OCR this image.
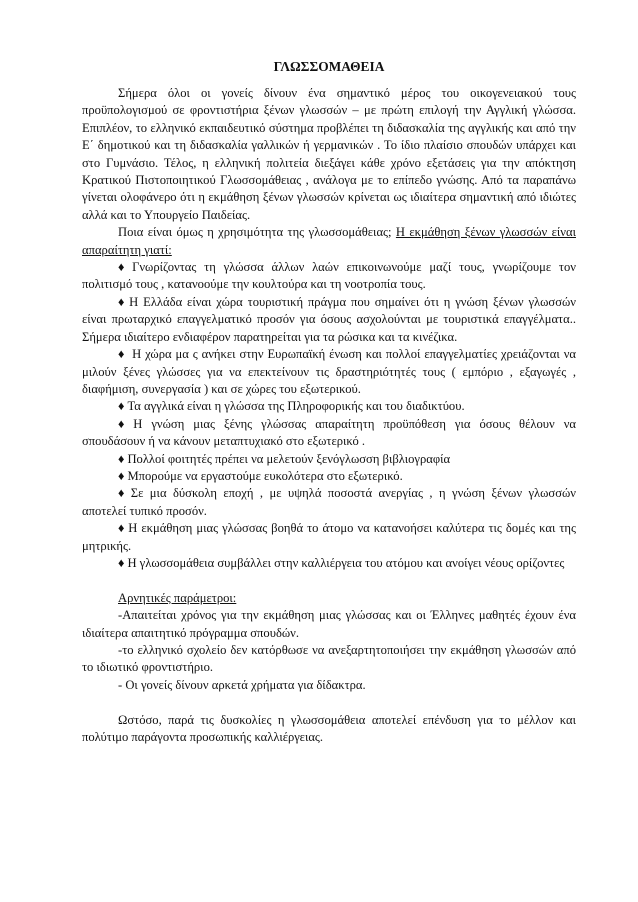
ΓΛΩΣΣΟΜΑΘΕΙΑ

Σήμερα όλοι οι γονείς δίνουν ένα σημαντικό μέρος του οικογενειακού τους προϋπολογισμού σε φροντιστήρια ξένων γλωσσών – με πρώτη επιλογή την Αγγλική γλώσσα. Επιπλέον, το ελληνικό εκπαιδευτικό σύστημα προβλέπει τη διδασκαλία της αγγλικής και από την Ε΄ δημοτικού και τη διδασκαλία γαλλικών ή γερμανικών . Το ίδιο πλαίσιο σπουδών υπάρχει και στο Γυμνάσιο. Τέλος, η ελληνική πολιτεία διεξάγει κάθε χρόνο εξετάσεις για την απόκτηση Κρατικού Πιστοποιητικού Γλωσσομάθειας , ανάλογα με το επίπεδο γνώσης. Από τα παραπάνω γίνεται ολοφάνερο ότι η εκμάθηση ξένων γλωσσών κρίνεται ως ιδιαίτερα σημαντική από ιδιώτες αλλά και το Υπουργείο Παιδείας.

Ποια είναι όμως η χρησιμότητα της γλωσσομάθειας; Η εκμάθηση ξένων γλωσσών είναι απαραίτητη γιατί:

♦ Γνωρίζοντας τη γλώσσα άλλων λαών επικοινωνούμε μαζί τους, γνωρίζουμε τον πολιτισμό τους , κατανοούμε την κουλτούρα και τη νοοτροπία τους.

♦ Η Ελλάδα είναι χώρα τουριστική πράγμα που σημαίνει ότι η γνώση ξένων γλωσσών είναι πρωταρχικό επαγγελματικό προσόν για όσους ασχολούνται με τουριστικά επαγγέλματα.. Σήμερα ιδιαίτερο ενδιαφέρον παρατηρείται για τα ρώσικα και τα κινέζικα.

♦ Η χώρα μα ς ανήκει στην Ευρωπαϊκή ένωση και πολλοί επαγγελματίες χρειάζονται να μιλούν ξένες γλώσσες για να επεκτείνουν τις δραστηριότητές τους ( εμπόριο , εξαγωγές , διαφήμιση, συνεργασία ) και σε χώρες του εξωτερικού.

♦ Τα αγγλικά είναι η γλώσσα της Πληροφορικής και του διαδικτύου.

♦ Η γνώση μιας ξένης γλώσσας απαραίτητη προϋπόθεση για όσους θέλουν να σπουδάσουν ή να κάνουν μεταπτυχιακό στο εξωτερικό .

♦ Πολλοί φοιτητές πρέπει να μελετούν ξενόγλωσση βιβλιογραφία

♦ Μπορούμε να εργαστούμε ευκολότερα στο εξωτερικό.

♦ Σε μια δύσκολη εποχή , με υψηλά ποσοστά ανεργίας , η γνώση ξένων γλωσσών αποτελεί τυπικό προσόν.

♦ Η εκμάθηση μιας γλώσσας βοηθά το άτομο να κατανοήσει καλύτερα τις δομές και της μητρικής.

♦ Η γλωσσομάθεια συμβάλλει στην καλλιέργεια του ατόμου και ανοίγει νέους ορίζοντες

Αρνητικές παράμετροι:

-Απαιτείται χρόνος για την εκμάθηση μιας γλώσσας και οι Έλληνες μαθητές έχουν ένα ιδιαίτερα απαιτητικό πρόγραμμα σπουδών.

-το ελληνικό σχολείο δεν κατόρθωσε να ανεξαρτητοποιήσει την εκμάθηση γλωσσών από το ιδιωτικό φροντιστήριο.

- Οι γονείς δίνουν αρκετά χρήματα για δίδακτρα.

Ωστόσο, παρά τις δυσκολίες η γλωσσομάθεια αποτελεί επένδυση για το μέλλον και πολύτιμο παράγοντα προσωπικής καλλιέργειας.
